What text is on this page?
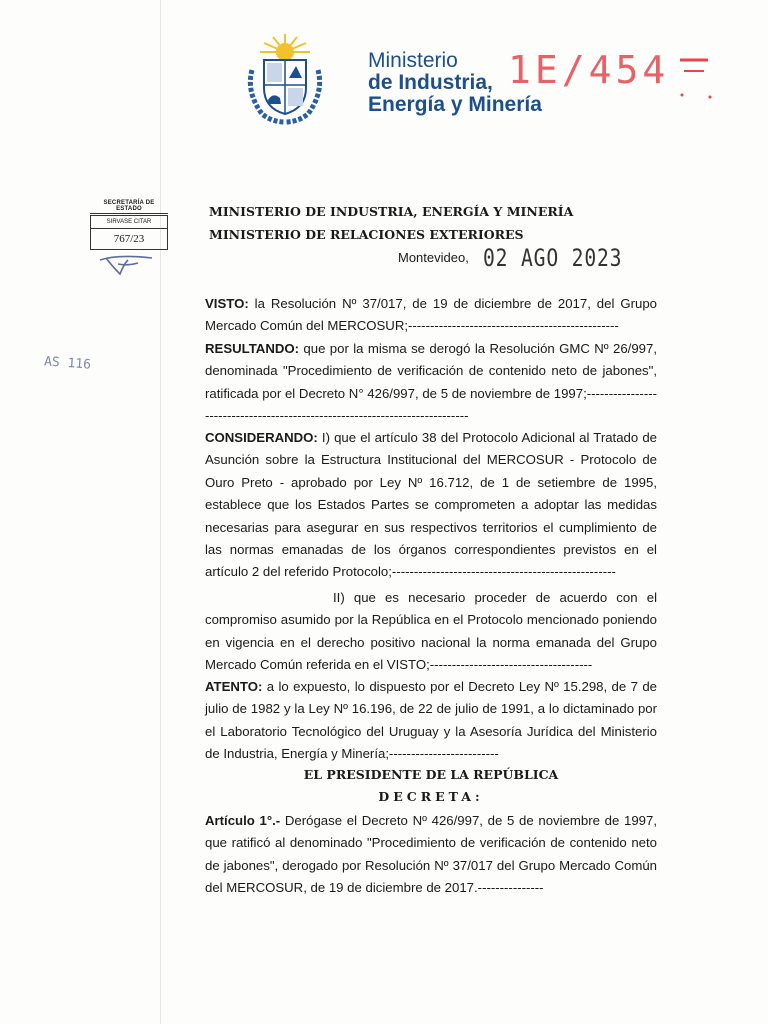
Ministerio
de Industria,
Energía y Minería
1E/454
SECRETARÍA DE ESTADO
SIRVASE CITAR
767/23
AS 116
MINISTERIO DE INDUSTRIA, ENERGÍA Y MINERÍA
MINISTERIO DE RELACIONES EXTERIORES
Montevideo, 02 AGO 2023
VISTO: la Resolución Nº 37/017, de 19 de diciembre de 2017, del Grupo Mercado Común del MERCOSUR;------------------------------------------------
RESULTANDO: que por la misma se derogó la Resolución GMC Nº 26/997, denominada "Procedimiento de verificación de contenido neto de jabones", ratificada por el Decreto N° 426/997, de 5 de noviembre de 1997;----------------------------------------------------------------------------
CONSIDERANDO: I) que el artículo 38 del Protocolo Adicional al Tratado de Asunción sobre la Estructura Institucional del MERCOSUR - Protocolo de Ouro Preto - aprobado por Ley Nº 16.712, de 1 de setiembre de 1995, establece que los Estados Partes se comprometen a adoptar las medidas necesarias para asegurar en sus respectivos territorios el cumplimiento de las normas emanadas de los órganos correspondientes previstos en el artículo 2 del referido Protocolo;---------------------------------------------------
II) que es necesario proceder de acuerdo con el compromiso asumido por la República en el Protocolo mencionado poniendo en vigencia en el derecho positivo nacional la norma emanada del Grupo Mercado Común referida en el VISTO;-------------------------------------
ATENTO: a lo expuesto, lo dispuesto por el Decreto Ley Nº 15.298, de 7 de julio de 1982 y la Ley Nº 16.196, de 22 de julio de 1991, a lo dictaminado por el Laboratorio Tecnológico del Uruguay y la Asesoría Jurídica del Ministerio de Industria, Energía y Minería;-------------------------
EL PRESIDENTE DE LA REPÚBLICA
DECRETA:
Artículo 1°.- Derógase el Decreto Nº 426/997, de 5 de noviembre de 1997, que ratificó al denominado "Procedimiento de verificación de contenido neto de jabones", derogado por Resolución Nº 37/017 del Grupo Mercado Común del MERCOSUR, de 19 de diciembre de 2017.---------------
